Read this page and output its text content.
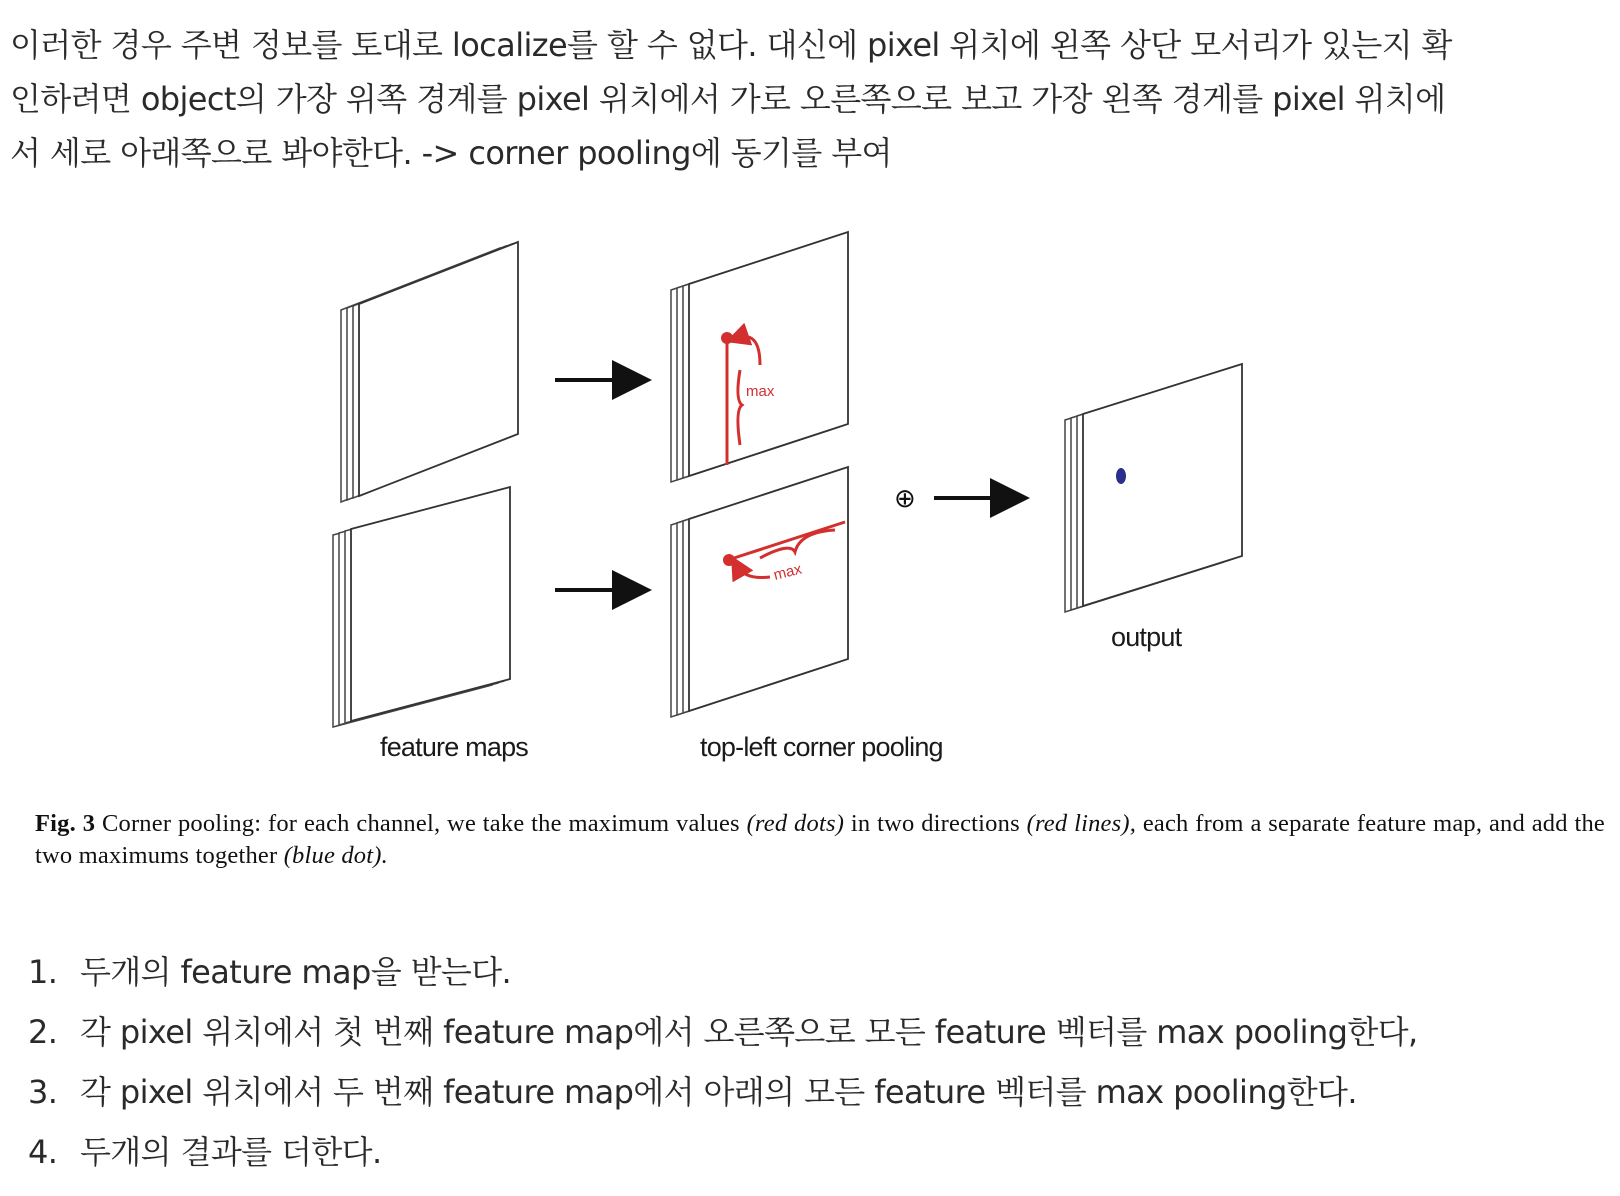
이러한 경우 주변 정보를 토대로 localize를 할 수 없다. 대신에 pixel 위치에 왼쪽 상단 모서리가 있는지 확
인하려면 object의 가장 위쪽 경계를 pixel 위치에서 가로 오른쪽으로 보고 가장 왼쪽 경게를 pixel 위치에
서 세로 아래쪽으로 봐야한다. -> corner pooling에 동기를 부여
max
max
⊕
feature maps	top-left corner pooling
output
Fig. 3 Corner pooling: for each channel, we take the maximum values (red dots) in two directions (red lines), each from a separate feature map, and add the two maximums together (blue dot).
1. 두개의 feature map을 받는다.
2. 각 pixel 위치에서 첫 번째 feature map에서 오른쪽으로 모든 feature 벡터를 max pooling한다,
3. 각 pixel 위치에서 두 번째 feature map에서 아래의 모든 feature 벡터를 max pooling한다.
4. 두개의 결과를 더한다.
